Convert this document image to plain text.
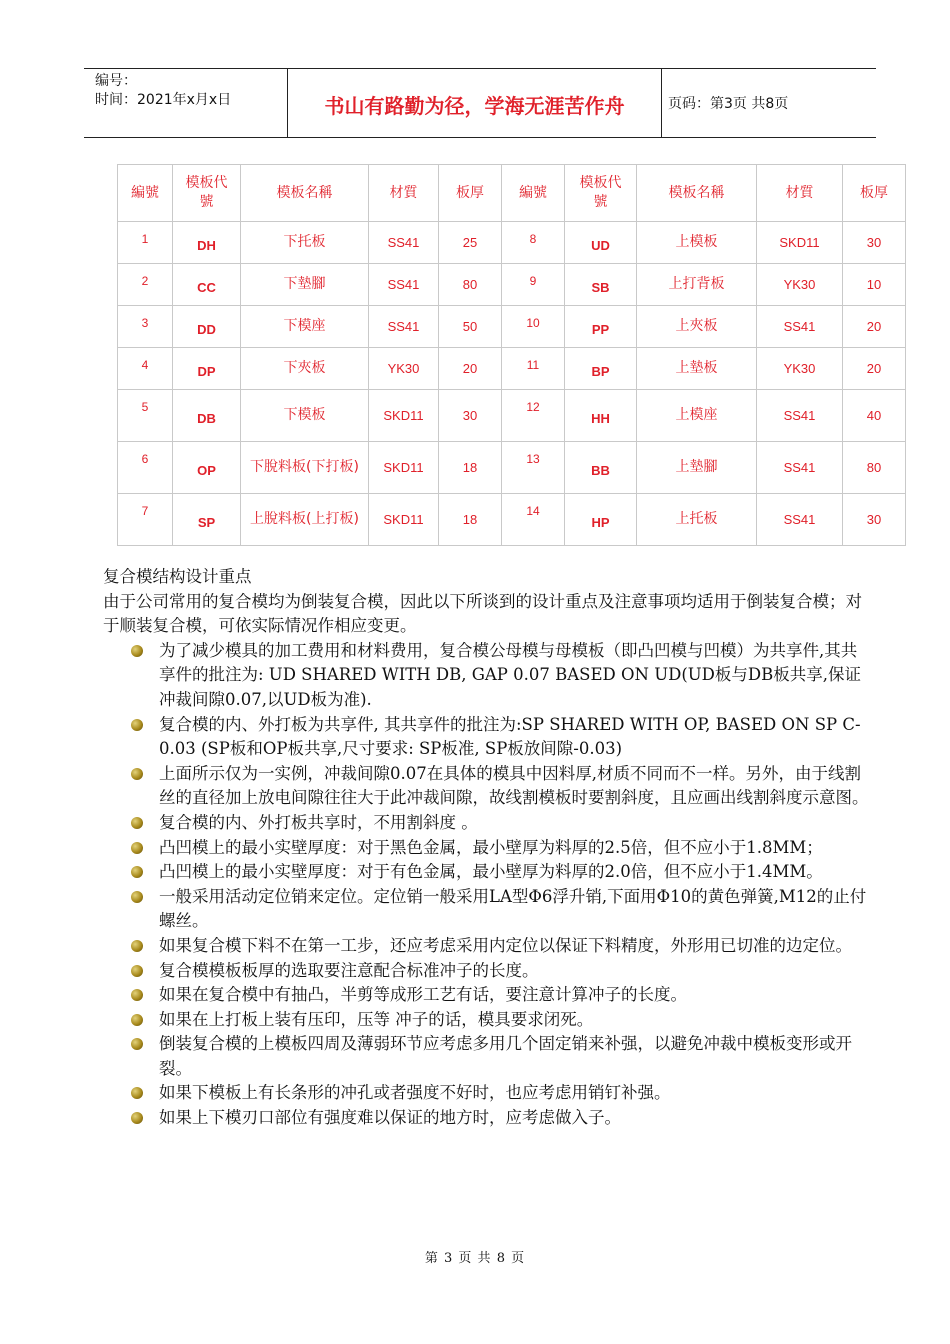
编号：
时间：2021年x月x日	书山有路勤为径，学海无涯苦作舟	页码：第3页 共8页
編號	模板代號	模板名稱	材質	板厚	編號	模板代號	模板名稱	材質	板厚
1	DH	下托板	SS41	25	8	UD	上模板	SKD11	30
2	CC	下墊腳	SS41	80	9	SB	上打背板	YK30	10
3	DD	下模座	SS41	50	10	PP	上夾板	SS41	20
4	DP	下夾板	YK30	20	11	BP	上墊板	YK30	20
5	DB	下模板	SKD11	30	12	HH	上模座	SS41	40
6	OP	下脫料板(下打板)	SKD11	18	13	BB	上墊腳	SS41	80
7	SP	上脫料板(上打板)	SKD11	18	14	HP	上托板	SS41	30

复合模结构设计重点

由于公司常用的复合模均为倒装复合模，因此以下所谈到的设计重点及注意事项均适用于倒装复合模；对于顺装复合模，可依实际情况作相应变更。

为了减少模具的加工费用和材料费用，复合模公母模与母模板（即凸凹模与凹模）为共享件,其共享件的批注为: UD SHARED WITH DB, GAP 0.07 BASED ON UD(UD板与DB板共享,保证冲裁间隙0.07,以UD板为准).
复合模的内、外打板为共享件, 其共享件的批注为:SP SHARED WITH OP, BASED ON SP C-0.03 (SP板和OP板共享,尺寸要求: SP板准, SP板放间隙-0.03)
上面所示仅为一实例，冲裁间隙0.07在具体的模具中因料厚,材质不同而不一样。另外，由于线割丝的直径加上放电间隙往往大于此冲裁间隙，故线割模板时要割斜度，且应画出线割斜度示意图。
复合模的内、外打板共享时，不用割斜度 。
凸凹模上的最小实壁厚度：对于黑色金属，最小壁厚为料厚的2.5倍，但不应小于1.8MM；
凸凹模上的最小实壁厚度：对于有色金属，最小壁厚为料厚的2.0倍，但不应小于1.4MM。
一般采用活动定位销来定位。定位销一般采用LA型Φ6浮升销,下面用Φ10的黄色弹簧,M12的止付螺丝。
如果复合模下料不在第一工步，还应考虑采用内定位以保证下料精度，外形用已切准的边定位。
复合模模板板厚的选取要注意配合标准冲子的长度。
如果在复合模中有抽凸，半剪等成形工艺有话，要注意计算冲子的长度。
如果在上打板上装有压印，压等 冲子的话，模具要求闭死。
倒装复合模的上模板四周及薄弱环节应考虑多用几个固定销来补强，以避免冲裁中模板变形或开裂。
如果下模板上有长条形的冲孔或者强度不好时，也应考虑用销钉补强。
如果上下模刃口部位有强度难以保证的地方时，应考虑做入子。
第 3 页 共 8 页
